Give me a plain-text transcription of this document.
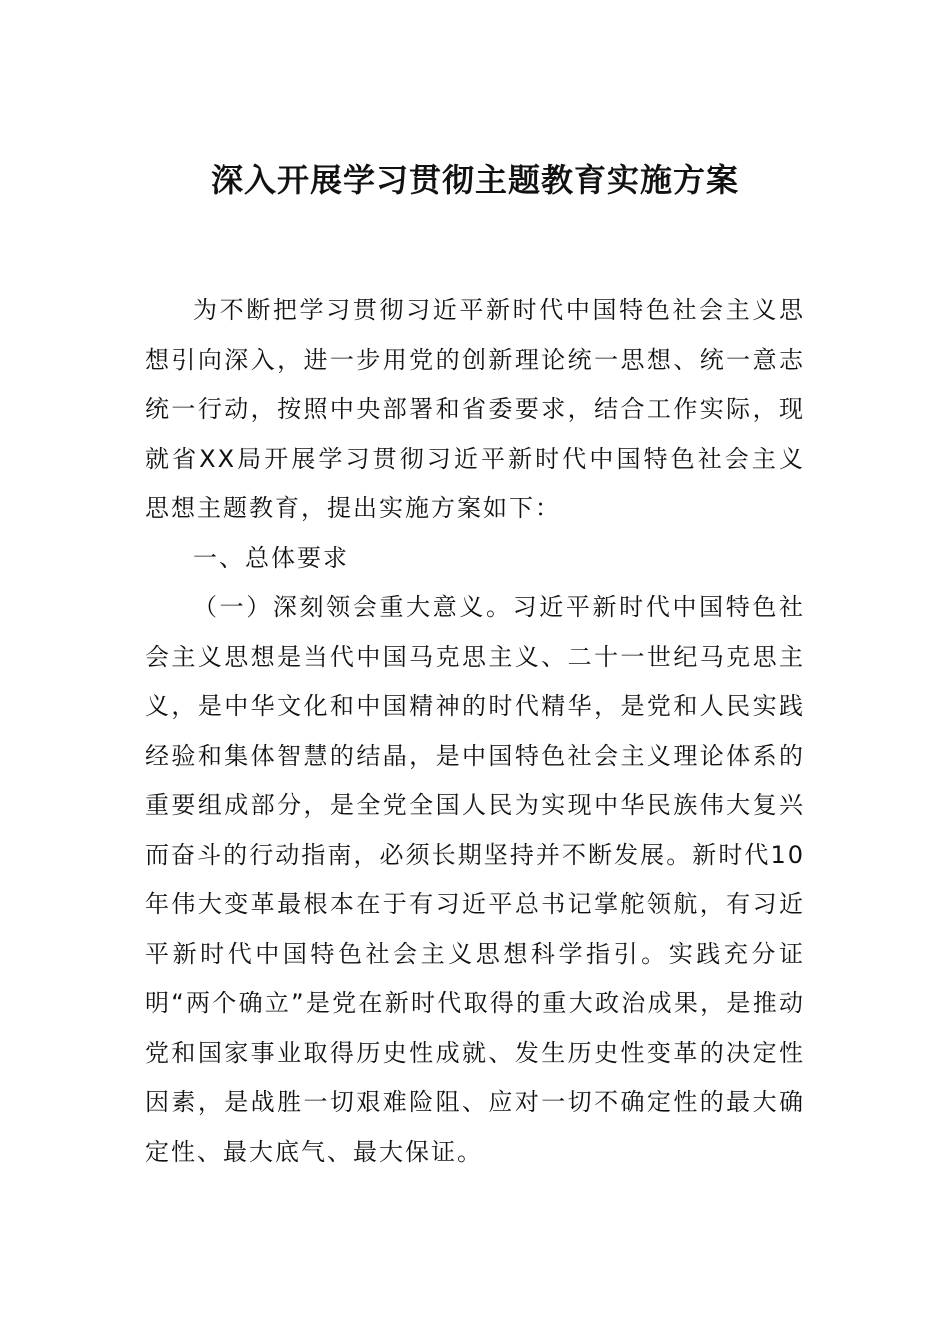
深入开展学习贯彻主题教育实施方案

为不断把学习贯彻习近平新时代中国特色社会主义思想引向深入，进一步用党的创新理论统一思想、统一意志统一行动，按照中央部署和省委要求，结合工作实际，现就省XX局开展学习贯彻习近平新时代中国特色社会主义思想主题教育，提出实施方案如下：

一、总体要求

（一）深刻领会重大意义。习近平新时代中国特色社会主义思想是当代中国马克思主义、二十一世纪马克思主义，是中华文化和中国精神的时代精华，是党和人民实践经验和集体智慧的结晶，是中国特色社会主义理论体系的重要组成部分，是全党全国人民为实现中华民族伟大复兴而奋斗的行动指南，必须长期坚持并不断发展。新时代10年伟大变革最根本在于有习近平总书记掌舵领航，有习近平新时代中国特色社会主义思想科学指引。实践充分证明“两个确立”是党在新时代取得的重大政治成果，是推动党和国家事业取得历史性成就、发生历史性变革的决定性因素，是战胜一切艰难险阻、应对一切不确定性的最大确定性、最大底气、最大保证。
